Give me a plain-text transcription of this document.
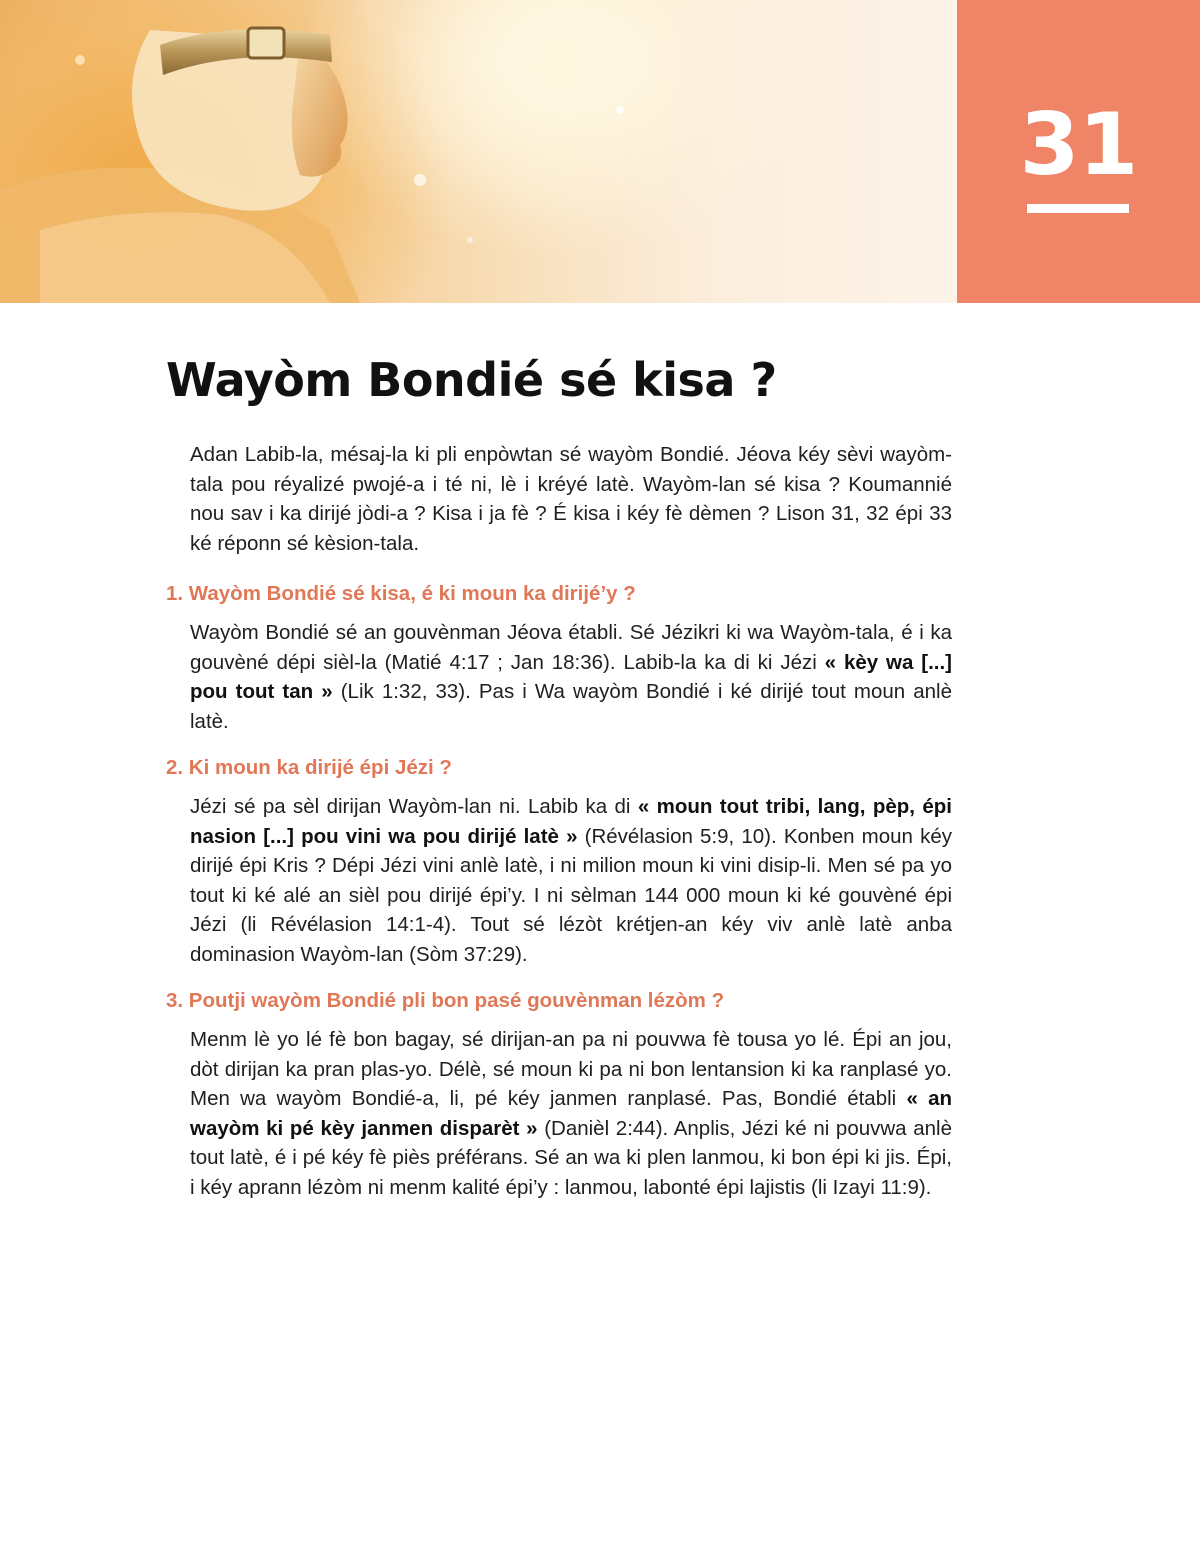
31
Wayòm Bondié sé kisa ?

Adan Labib-la, mésaj-la ki pli enpòwtan sé wayòm Bondié. Jéova kéy sèvi wayòm-tala pou réyalizé pwojé-a i té ni, lè i kréyé latè. Wayòm-lan sé kisa ? Koumannié nou sav i ka dirijé jòdi-a ? Kisa i ja fè ? É kisa i kéy fè dèmen ? Lison 31, 32 épi 33 ké réponn sé kèsion-tala.

1. Wayòm Bondié sé kisa, é ki moun ka dirijé’y ?

Wayòm Bondié sé an gouvènman Jéova établi. Sé Jézikri ki wa Wayòm-tala, é i ka gouvèné dépi sièl-la (Matié 4:17 ; Jan 18:36). Labib-la ka di ki Jézi « kèy wa [...] pou tout tan » (Lik 1:32, 33). Pas i Wa wayòm Bondié i ké dirijé tout moun anlè latè.

2. Ki moun ka dirijé épi Jézi ?

Jézi sé pa sèl dirijan Wayòm-lan ni. Labib ka di « moun tout tribi, lang, pèp, épi nasion [...] pou vini wa pou dirijé latè » (Révélasion 5:9, 10). Konben moun kéy dirijé épi Kris ? Dépi Jézi vini anlè latè, i ni milion moun ki vini disip-li. Men sé pa yo tout ki ké alé an sièl pou dirijé épi’y. I ni sèlman 144 000 moun ki ké gouvèné épi Jézi (li Révélasion 14:1-4). Tout sé lézòt krétjen-an kéy viv anlè latè anba dominasion Wayòm-lan (Sòm 37:29).

3. Poutji wayòm Bondié pli bon pasé gouvènman lézòm ?

Menm lè yo lé fè bon bagay, sé dirijan-an pa ni pouvwa fè tousa yo lé. Épi an jou, dòt dirijan ka pran plas-yo. Délè, sé moun ki pa ni bon lentansion ki ka ranplasé yo. Men wa wayòm Bondié-a, li, pé kéy janmen ranplasé. Pas, Bondié établi « an wayòm ki pé kèy janmen disparèt » (Danièl 2:44). Anplis, Jézi ké ni pouvwa anlè tout latè, é i pé kéy fè piès préférans. Sé an wa ki plen lanmou, ki bon épi ki jis. Épi, i kéy aprann lézòm ni menm kalité épi’y : lanmou, labonté épi lajistis (li Izayi 11:9).
